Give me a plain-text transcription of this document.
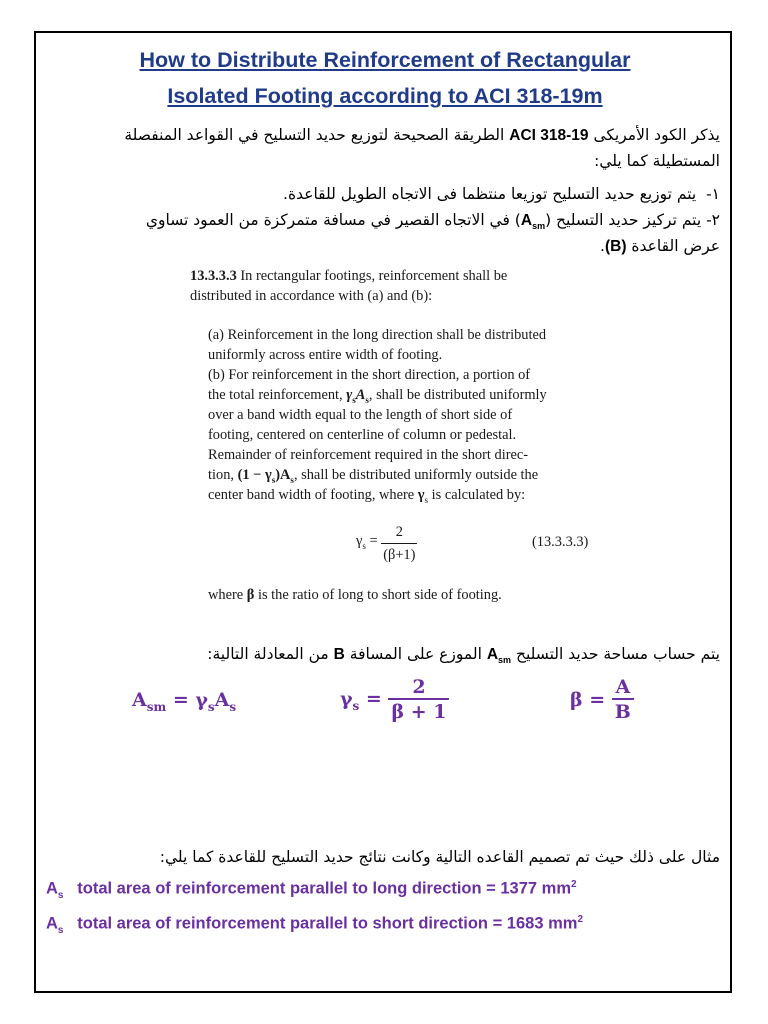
How to Distribute Reinforcement of Rectangular
Isolated Footing according to ACI 318-19m
يذكر الكود الأمريكى ACI 318-19 الطريقة الصحيحة لتوزيع حديد التسليح في القواعد المنفصلة
المستطيلة كما يلي:
١-  يتم توزيع حديد التسليح توزيعا منتظما فى الاتجاه الطويل للقاعدة.
٢- يتم تركيز حديد التسليح $(A_{sm})$ في الاتجاه القصير في مسافة متمركزة من العمود تساوي
عرض القاعدة (B).
13.3.3.3 In rectangular footings, reinforcement shall be
distributed in accordance with (a) and (b):
(a) Reinforcement in the long direction shall be distributed
uniformly across entire width of footing.
(b) For reinforcement in the short direction, a portion of
the total reinforcement, $\gamma_sA_s$, shall be distributed uniformly
over a band width equal to the length of short side of
footing, centered on centerline of column or pedestal.
Remainder of reinforcement required in the short direc-
tion, $(1 - \gamma_s)A_s$, shall be distributed uniformly outside the
center band width of footing, where $\gamma_s$ is calculated by:
$\gamma_s = \frac{2}{(\beta+1)}$	(13.3.3.3)
where β is the ratio of long to short side of footing.
يتم حساب مساحة حديد التسليح $A_{sm}$ الموزع على المسافة B من المعادلة التالية:
$A_{sm} = \gamma_sA_s$	$\gamma_s = \frac{2}{\beta + 1}$	$\beta = \frac{A}{B}$
مثال على ذلك حيث تم تصميم القاعده التالية وكانت نتائج حديد التسليح للقاعدة كما يلي:
$A_s$ total area of reinforcement parallel to long direction = 1377 $mm^2$
$A_s$ total area of reinforcement parallel to short direction = 1683 $mm^2$
